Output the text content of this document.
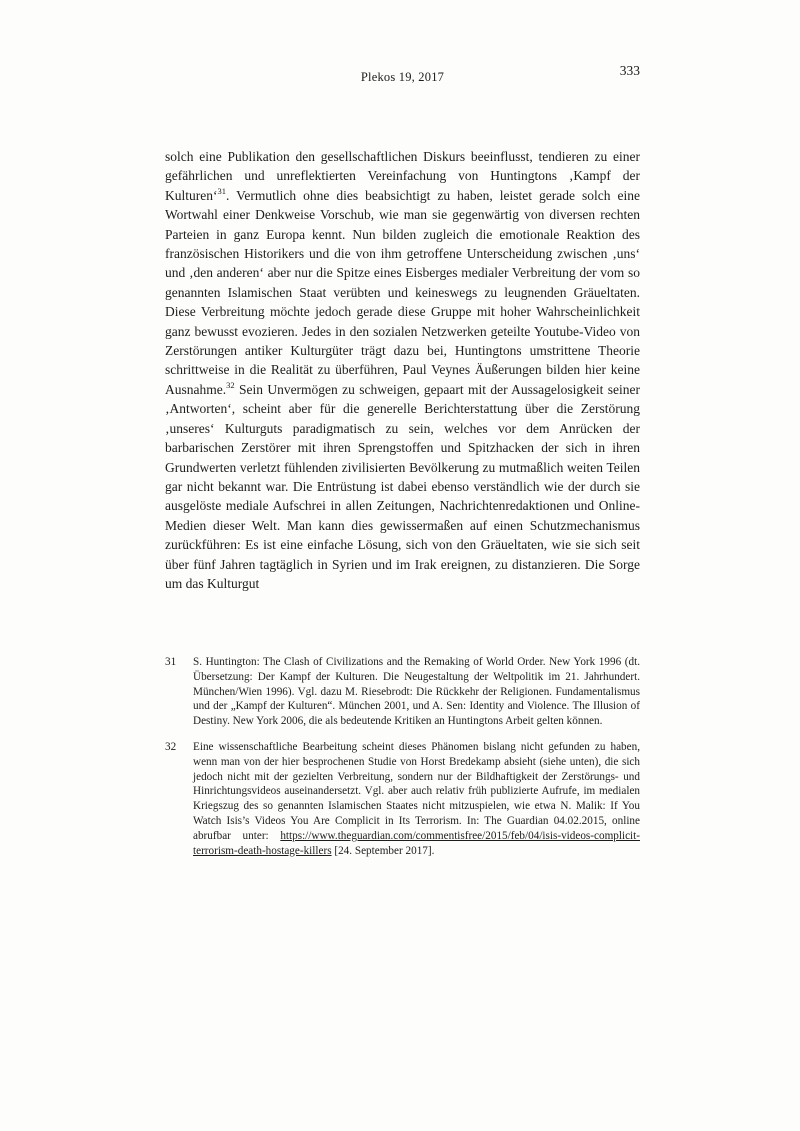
Plekos 19, 2017	333

solch eine Publikation den gesellschaftlichen Diskurs beeinflusst, tendieren zu einer gefährlichen und unreflektierten Vereinfachung von Huntingtons ‚Kampf der Kulturen‘$^{31}$. Vermutlich ohne dies beabsichtigt zu haben, leistet gerade solch eine Wortwahl einer Denkweise Vorschub, wie man sie gegenwärtig von diversen rechten Parteien in ganz Europa kennt. Nun bilden zugleich die emotionale Reaktion des französischen Historikers und die von ihm getroffene Unterscheidung zwischen ‚uns‘ und ‚den anderen‘ aber nur die Spitze eines Eisberges medialer Verbreitung der vom so genannten Islamischen Staat verübten und keineswegs zu leugnenden Gräueltaten. Diese Verbreitung möchte jedoch gerade diese Gruppe mit hoher Wahrscheinlichkeit ganz bewusst evozieren. Jedes in den sozialen Netzwerken geteilte Youtube-Video von Zerstörungen antiker Kulturgüter trägt dazu bei, Huntingtons umstrittene Theorie schrittweise in die Realität zu überführen, Paul Veynes Äußerungen bilden hier keine Ausnahme.$^{32}$ Sein Unvermögen zu schweigen, gepaart mit der Aussagelosigkeit seiner ‚Antworten‘, scheint aber für die generelle Berichterstattung über die Zerstörung ‚unseres‘ Kulturguts paradigmatisch zu sein, welches vor dem Anrücken der barbarischen Zerstörer mit ihren Sprengstoffen und Spitzhacken der sich in ihren Grundwerten verletzt fühlenden zivilisierten Bevölkerung zu mutmaßlich weiten Teilen gar nicht bekannt war. Die Entrüstung ist dabei ebenso verständlich wie der durch sie ausgelöste mediale Aufschrei in allen Zeitungen, Nachrichtenredaktionen und Online-Medien dieser Welt. Man kann dies gewissermaßen auf einen Schutzmechanismus zurückführen: Es ist eine einfache Lösung, sich von den Gräueltaten, wie sie sich seit über fünf Jahren tagtäglich in Syrien und im Irak ereignen, zu distanzieren. Die Sorge um das Kulturgut

31	S. Huntington: The Clash of Civilizations and the Remaking of World Order. New York 1996 (dt. Übersetzung: Der Kampf der Kulturen. Die Neugestaltung der Weltpolitik im 21. Jahrhundert. München/Wien 1996). Vgl. dazu M. Riesebrodt: Die Rückkehr der Religionen. Fundamentalismus und der „Kampf der Kulturen“. München 2001, und A. Sen: Identity and Violence. The Illusion of Destiny. New York 2006, die als bedeutende Kritiken an Huntingtons Arbeit gelten können.
32	Eine wissenschaftliche Bearbeitung scheint dieses Phänomen bislang nicht gefunden zu haben, wenn man von der hier besprochenen Studie von Horst Bredekamp absieht (siehe unten), die sich jedoch nicht mit der gezielten Verbreitung, sondern nur der Bildhaftigkeit der Zerstörungs- und Hinrichtungsvideos auseinandersetzt. Vgl. aber auch relativ früh publizierte Aufrufe, im medialen Kriegszug des so genannten Islamischen Staates nicht mitzuspielen, wie etwa N. Malik: If You Watch Isis’s Videos You Are Complicit in Its Terrorism. In: The Guardian 04.02.2015, online abrufbar unter: https://www.theguardian.com/commentisfree/2015/feb/04/isis-videos-complicit-terrorism-death-hostage-killers [24. September 2017].
